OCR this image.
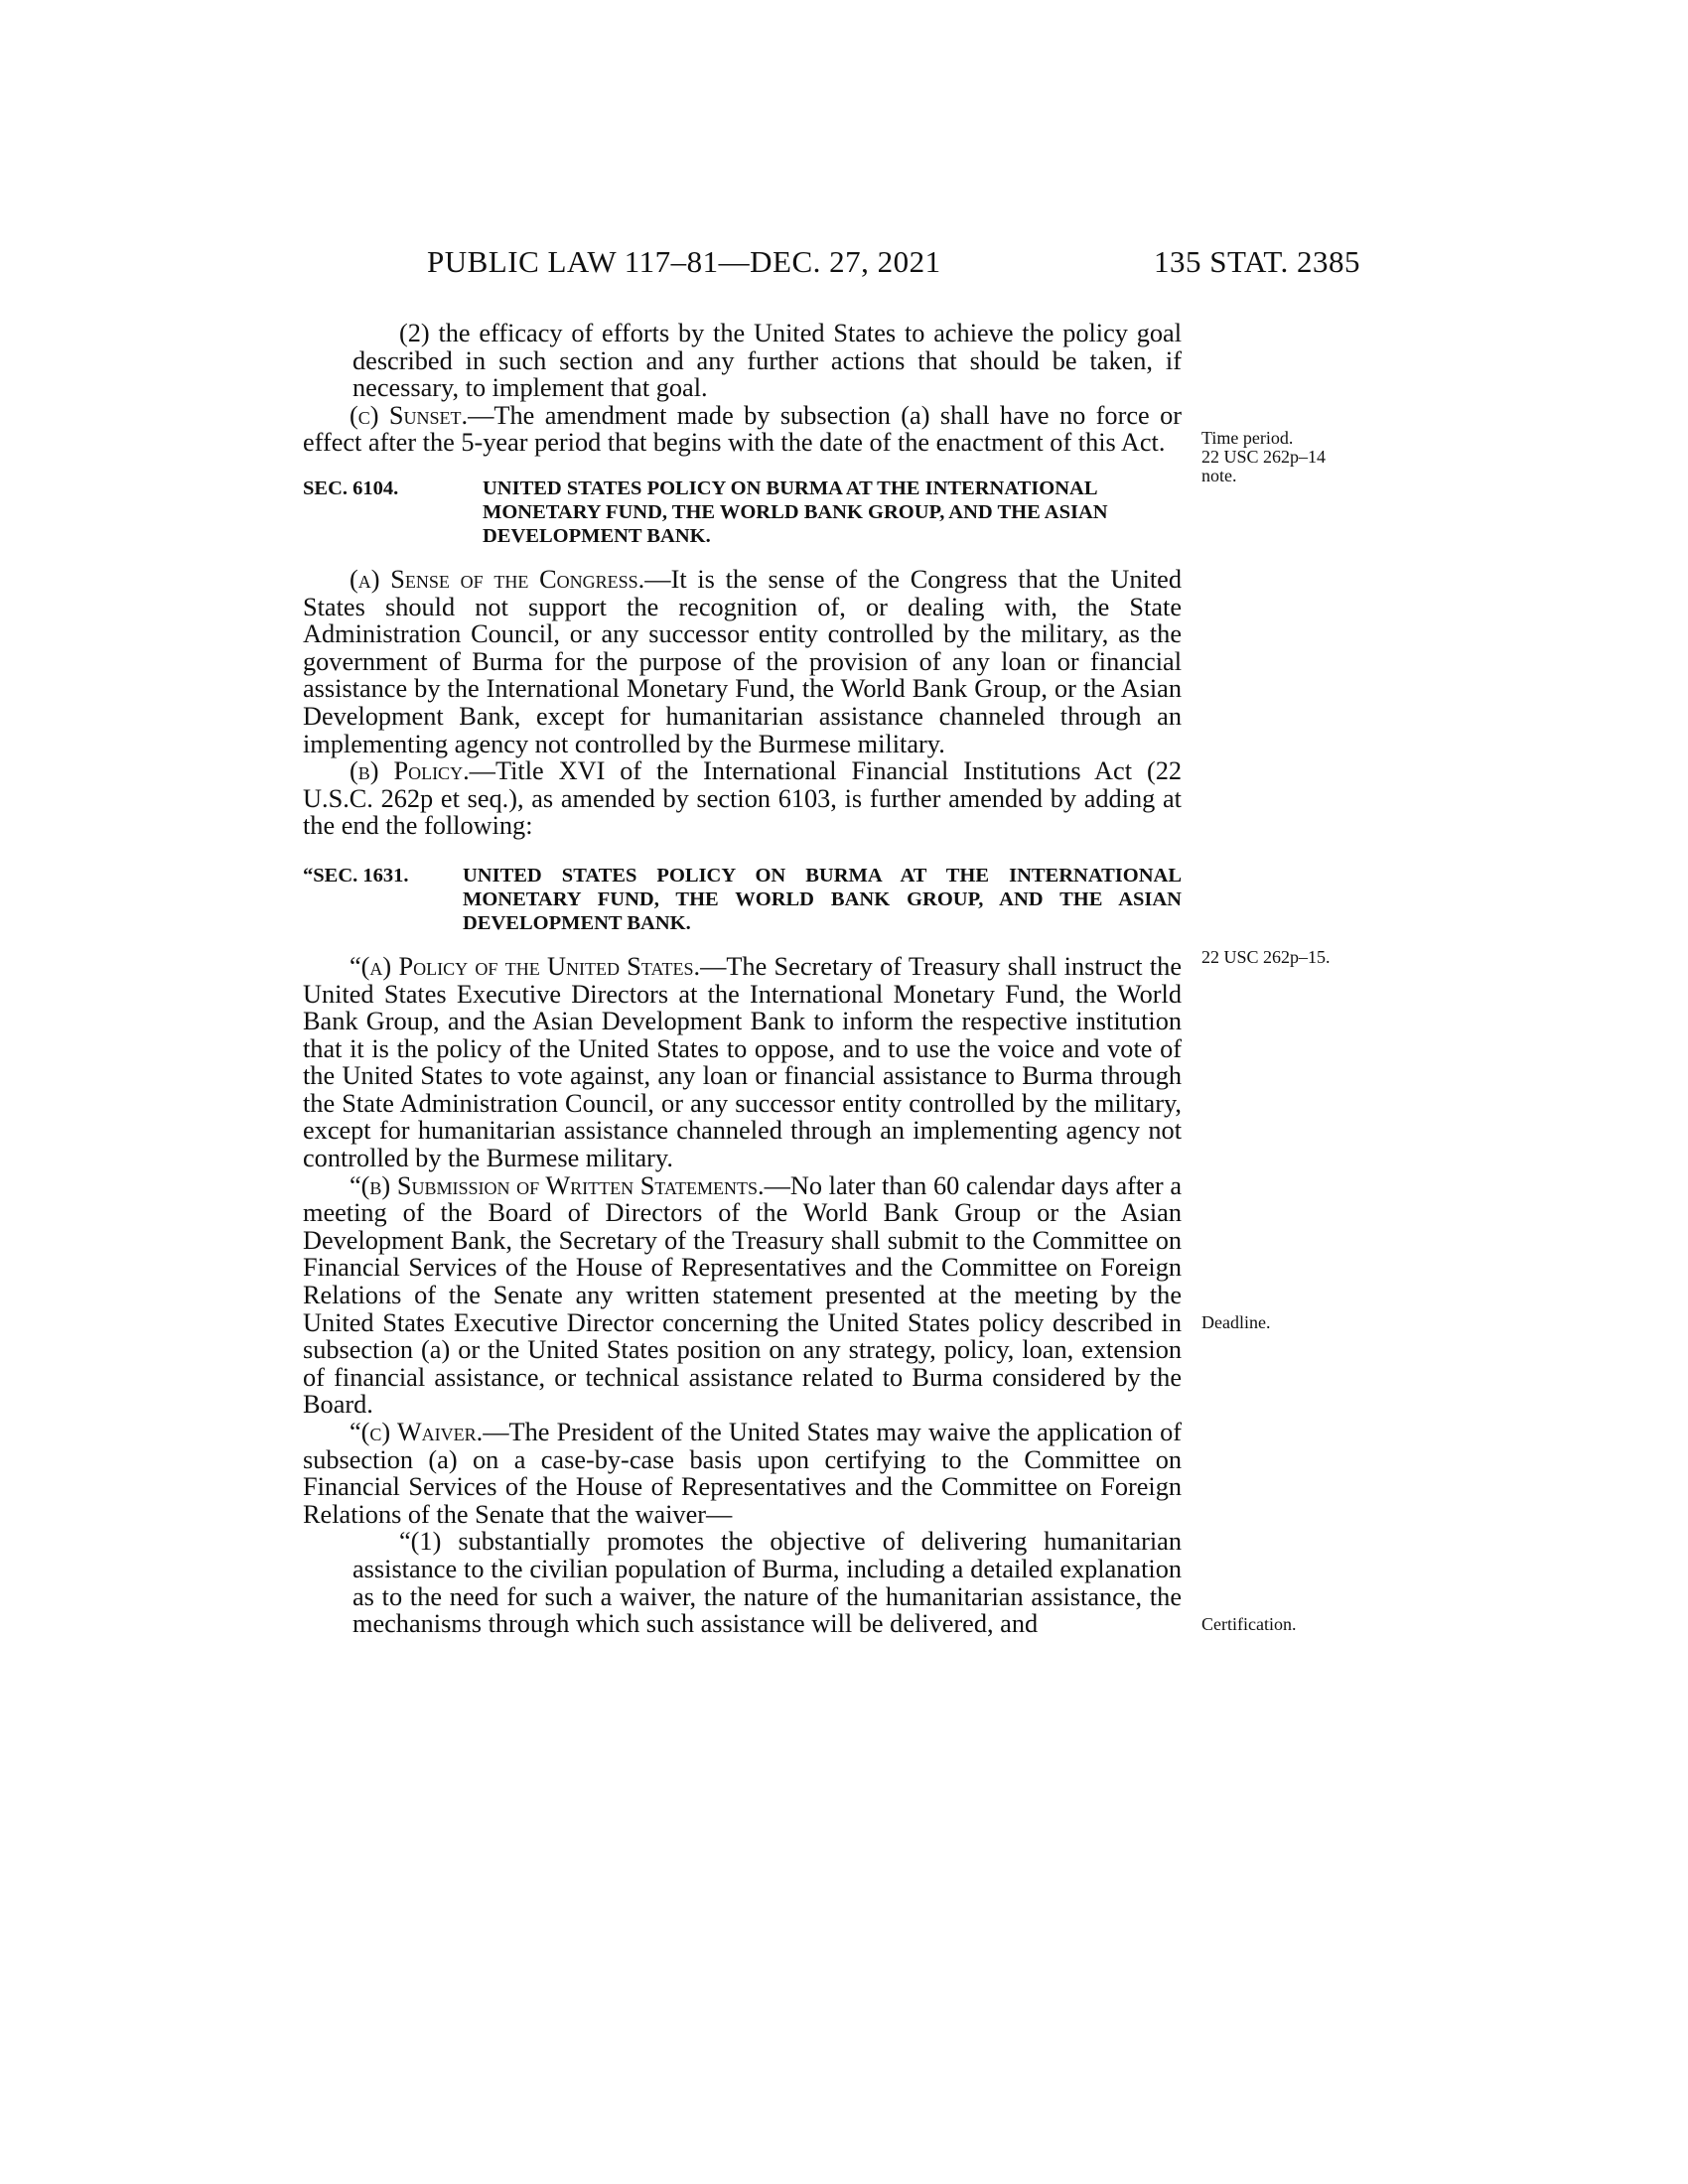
PUBLIC LAW 117–81—DEC. 27, 2021	135 STAT. 2385

(2) the efficacy of efforts by the United States to achieve the policy goal described in such section and any further actions that should be taken, if necessary, to implement that goal.

(c) Sunset.—The amendment made by subsection (a) shall have no force or effect after the 5-year period that begins with the date of the enactment of this Act.

SEC. 6104.	UNITED STATES POLICY ON BURMA AT THE INTERNATIONAL MONETARY FUND, THE WORLD BANK GROUP, AND THE ASIAN DEVELOPMENT BANK.

(a) Sense of the Congress.—It is the sense of the Congress that the United States should not support the recognition of, or dealing with, the State Administration Council, or any successor entity controlled by the military, as the government of Burma for the purpose of the provision of any loan or financial assistance by the International Monetary Fund, the World Bank Group, or the Asian Development Bank, except for humanitarian assistance channeled through an implementing agency not controlled by the Burmese military.

(b) Policy.—Title XVI of the International Financial Institutions Act (22 U.S.C. 262p et seq.), as amended by section 6103, is further amended by adding at the end the following:

“SEC. 1631.	UNITED STATES POLICY ON BURMA AT THE INTERNATIONAL MONETARY FUND, THE WORLD BANK GROUP, AND THE ASIAN DEVELOPMENT BANK.

“(a) Policy of the United States.—The Secretary of Treasury shall instruct the United States Executive Directors at the International Monetary Fund, the World Bank Group, and the Asian Development Bank to inform the respective institution that it is the policy of the United States to oppose, and to use the voice and vote of the United States to vote against, any loan or financial assistance to Burma through the State Administration Council, or any successor entity controlled by the military, except for humanitarian assistance channeled through an implementing agency not controlled by the Burmese military.

“(b) Submission of Written Statements.—No later than 60 calendar days after a meeting of the Board of Directors of the World Bank Group or the Asian Development Bank, the Secretary of the Treasury shall submit to the Committee on Financial Services of the House of Representatives and the Committee on Foreign Relations of the Senate any written statement presented at the meeting by the United States Executive Director concerning the United States policy described in subsection (a) or the United States position on any strategy, policy, loan, extension of financial assistance, or technical assistance related to Burma considered by the Board.

“(c) Waiver.—The President of the United States may waive the application of subsection (a) on a case-by-case basis upon certifying to the Committee on Financial Services of the House of Representatives and the Committee on Foreign Relations of the Senate that the waiver—

“(1) substantially promotes the objective of delivering humanitarian assistance to the civilian population of Burma, including a detailed explanation as to the need for such a waiver, the nature of the humanitarian assistance, the mechanisms through which such assistance will be delivered, and

Time period.
22 USC 262p–14
note.
22 USC 262p–15.
Deadline.
Certification.
